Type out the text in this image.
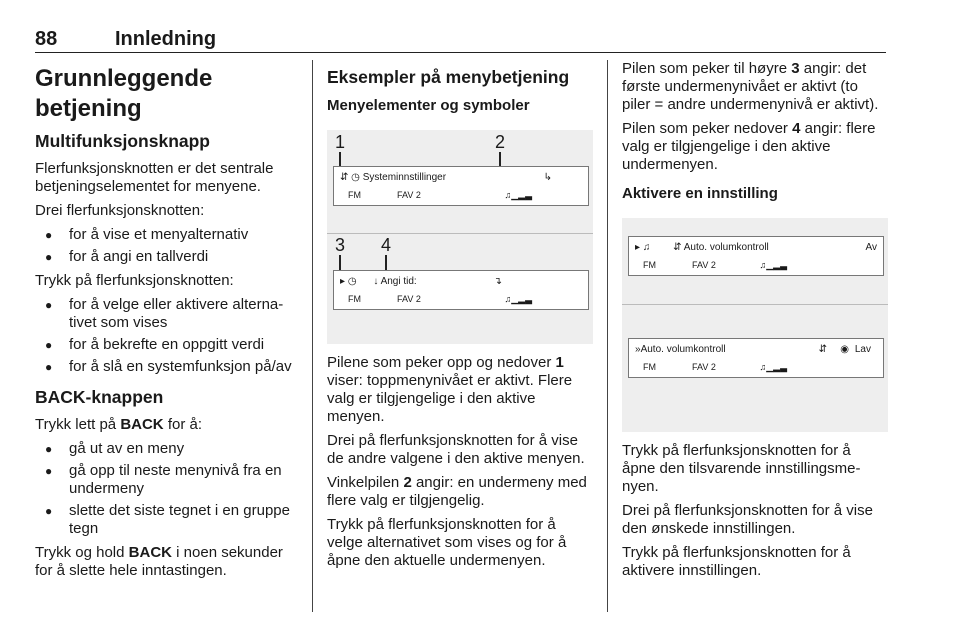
88	Innledning
Grunnleggende betjening
Multifunksjonsknapp

Flerfunksjonsknotten er det sentrale betjeningselementet for menyene.

Drei flerfunksjonsknotten:

● for å vise et menyalternativ
● for å angi en tallverdi

Trykk på flerfunksjonsknotten:

● for å velge eller aktivere alternativet som vises
● for å bekrefte en oppgitt verdi
● for å slå en systemfunksjon på/av
BACK-knappen

Trykk lett på BACK for å:

● gå ut av en meny
● gå opp til neste menynivå fra en undermeny
● slette det siste tegnet i en gruppe tegn

Trykk og hold BACK i noen sekunder for å slette hele inntastingen.

Eksempler på menybetjening
Menyelementer og symboler
1	2
⇵ ◷ Systeminnstillinger	↳
FM	FAV 2	♫▁▂▃
3 4
▸ ◷ ↓ Angi tid:	↴
FM	FAV 2	♫▁▂▃

Pilene som peker opp og nedover 1 viser: toppmenynivået er aktivt. Flere valg er tilgjengelige i den aktive menyen.

Drei på flerfunksjonsknotten for å vise de andre valgene i den aktive menyen.

Vinkelpilen 2 angir: en undermeny med flere valg er tilgjengelig.

Trykk på flerfunksjonsknotten for å velge alternativet som vises og for å åpne den aktuelle undermenyen.

Pilen som peker til høyre 3 angir: det første undermenynivået er aktivt (to piler = andre undermenynivå er aktivt).

Pilen som peker nedover 4 angir: flere valg er tilgjengelige i den aktive undermenyen.

Aktivere en innstilling
▸ ♫ ⇵ Auto. volumkontroll	Av
FM	FAV 2	♫▁▂▃
»Auto. volumkontroll	⇵ ◉ Lav
FM	FAV 2	♫▁▂▃

Trykk på flerfunksjonsknotten for å åpne den tilsvarende innstillingsmenyen.

Drei på flerfunksjonsknotten for å vise den ønskede innstillingen.

Trykk på flerfunksjonsknotten for å aktivere innstillingen.
